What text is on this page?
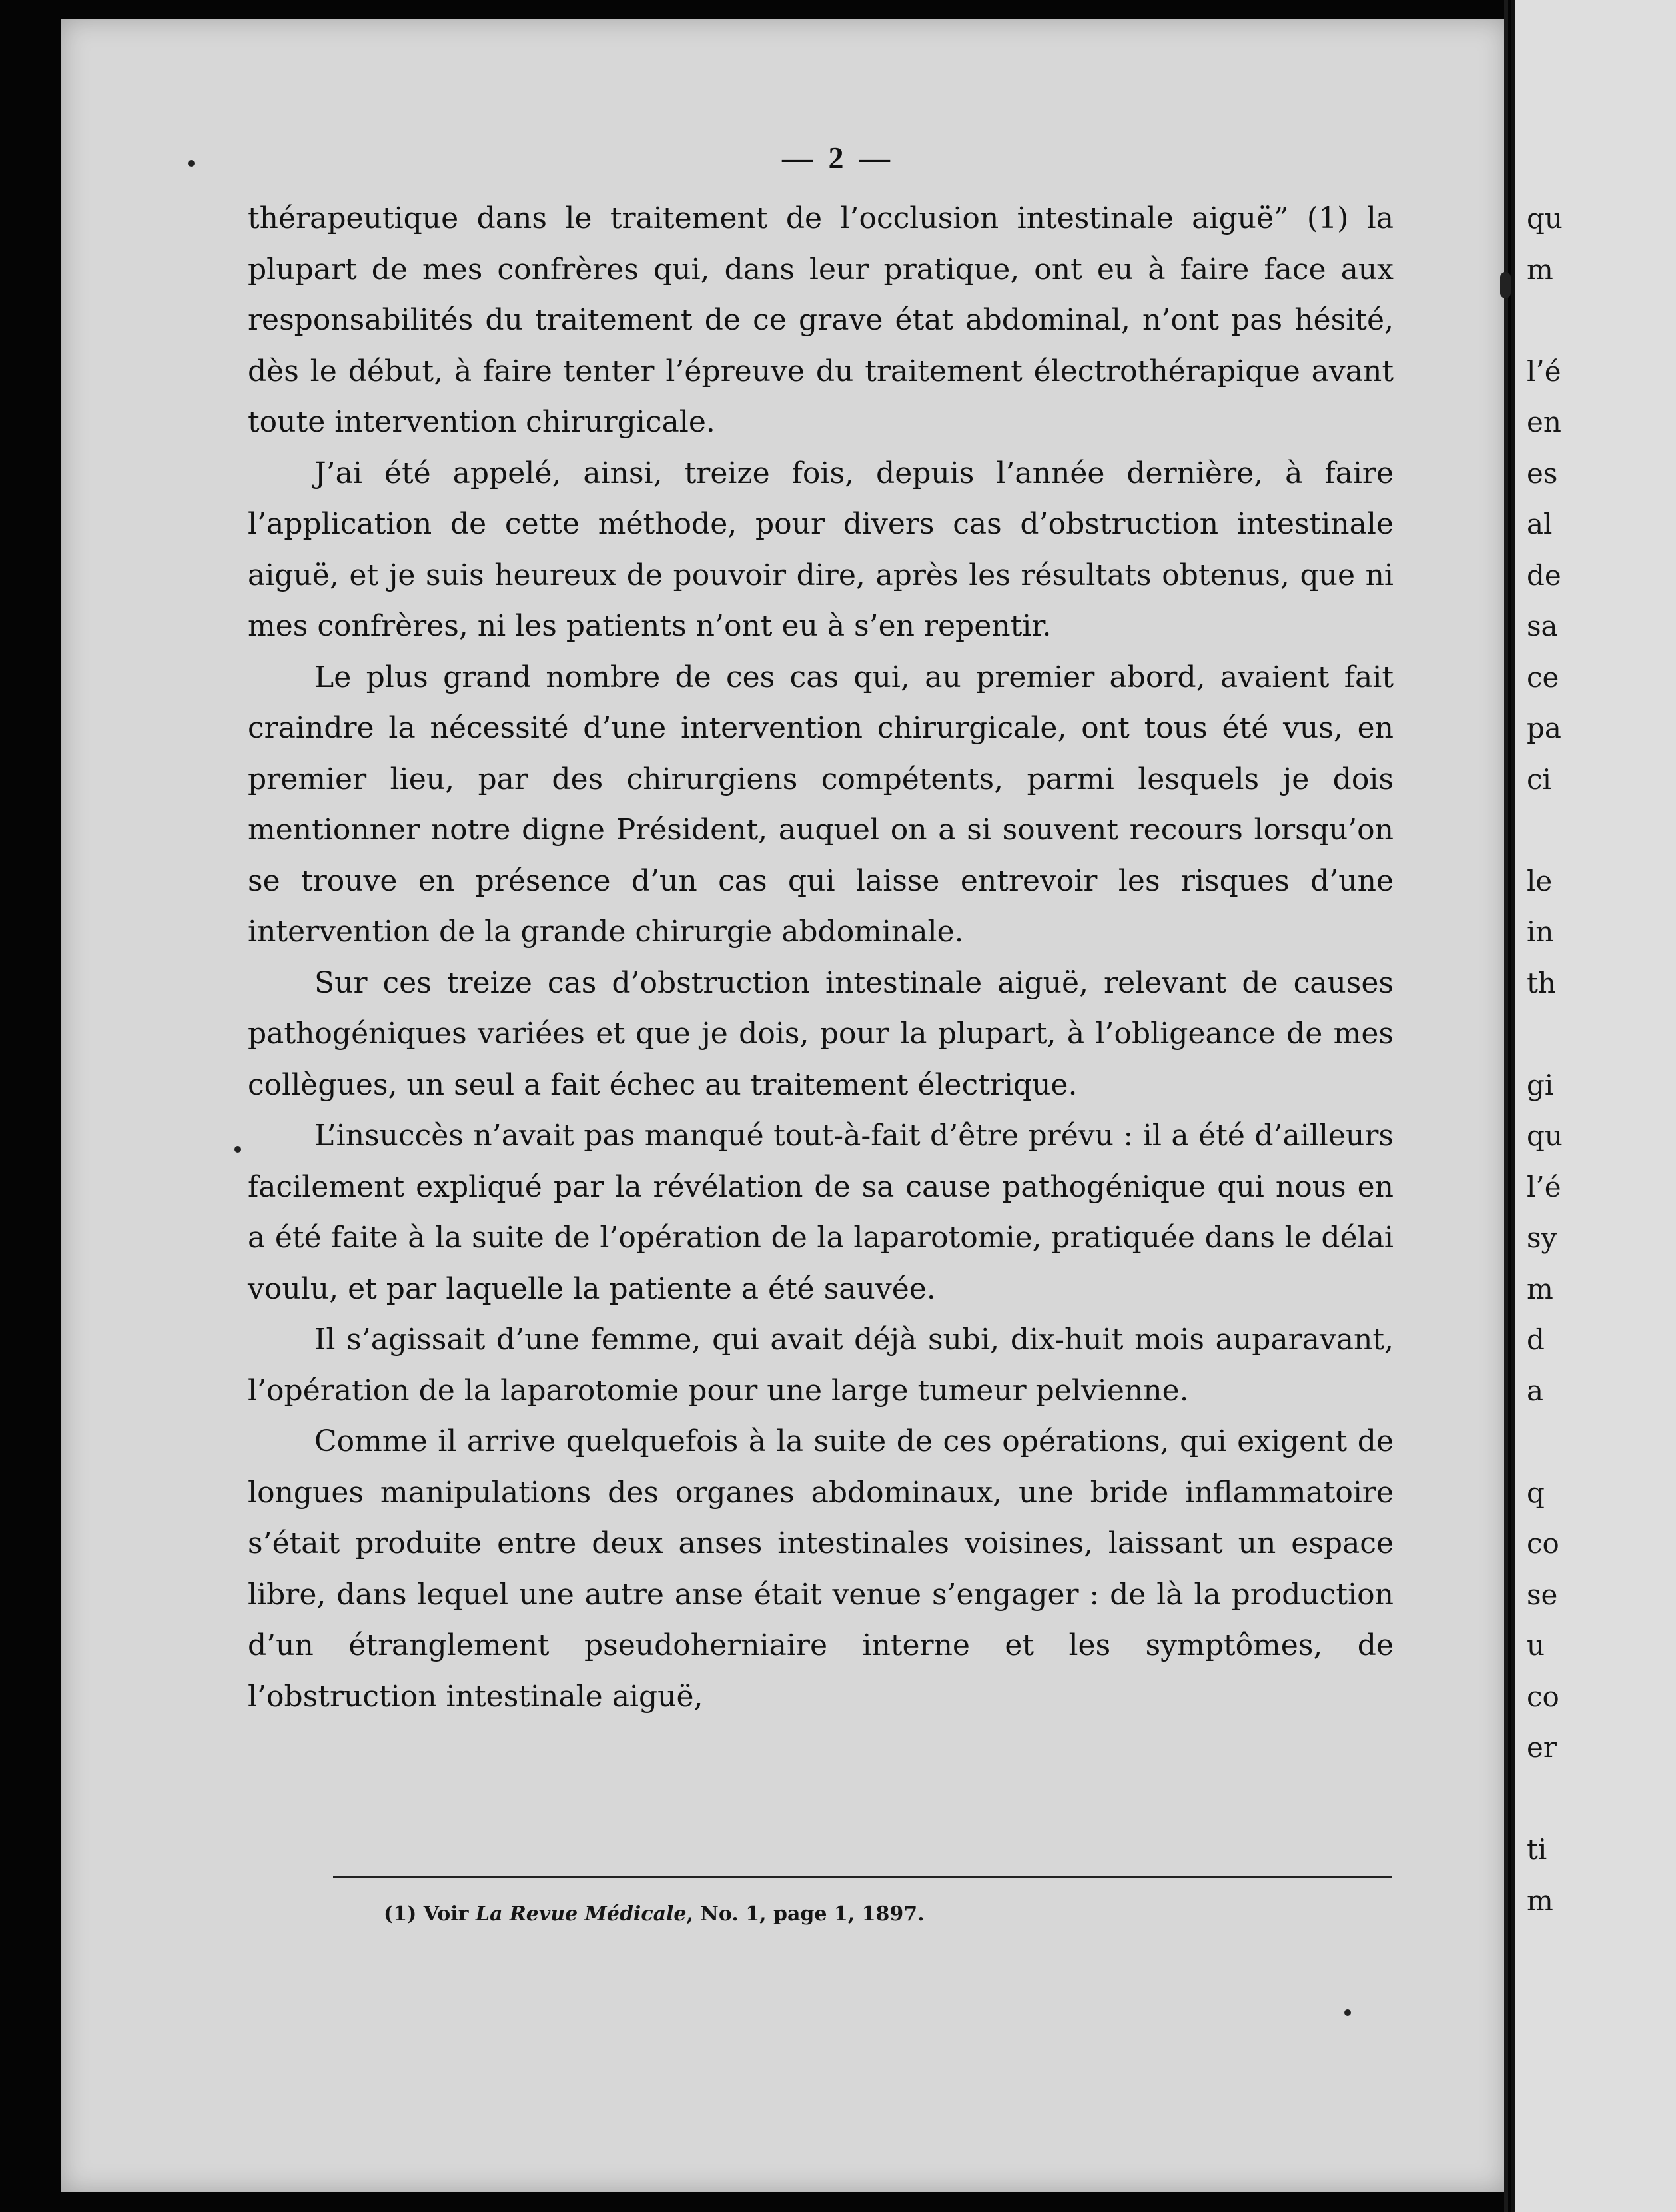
— 2 —

thérapeutique dans le traitement de l’occlusion intestinale aiguë” (1) la plupart de mes confrères qui, dans leur pratique, ont eu à faire face aux responsabilités du traitement de ce grave état abdominal, n’ont pas hésité, dès le début, à faire tenter l’épreuve du traitement électrothérapique avant toute intervention chirurgicale.

J’ai été appelé, ainsi, treize fois, depuis l’année dernière, à faire l’application de cette méthode, pour divers cas d’obstruction intestinale aiguë, et je suis heureux de pouvoir dire, après les résultats obtenus, que ni mes confrères, ni les patients n’ont eu à s’en repentir.

Le plus grand nombre de ces cas qui, au premier abord, avaient fait craindre la nécessité d’une intervention chirurgicale, ont tous été vus, en premier lieu, par des chirurgiens compétents, parmi lesquels je dois mentionner notre digne Président, auquel on a si souvent recours lorsqu’on se trouve en présence d’un cas qui laisse entrevoir les risques d’une intervention de la grande chirurgie abdominale.

Sur ces treize cas d’obstruction intestinale aiguë, relevant de causes pathogéniques variées et que je dois, pour la plupart, à l’obligeance de mes collègues, un seul a fait échec au traitement électrique.

L’insuccès n’avait pas manqué tout-à-fait d’être prévu : il a été d’ailleurs facilement expliqué par la révélation de sa cause pathogénique qui nous en a été faite à la suite de l’opération de la laparotomie, pratiquée dans le délai voulu, et par laquelle la patiente a été sauvée.

Il s’agissait d’une femme, qui avait déjà subi, dix-huit mois auparavant, l’opération de la laparotomie pour une large tumeur pelvienne.

Comme il arrive quelquefois à la suite de ces opérations, qui exigent de longues manipulations des organes abdominaux, une bride inflammatoire s’était produite entre deux anses intestinales voisines, laissant un espace libre, dans lequel une autre anse était venue s’engager : de là la production d’un étranglement pseudoherniaire interne et les symptômes, de l’obstruction intestinale aiguë,

(1) Voir La Revue Médicale, No. 1, page 1, 1897.
qu
m
l’é
en
es
al
de
sa
ce
pa
ci
le
in
th
gi
qu
l’é
sy
m
d
a
q
co
se
u
co
er
ti
m
